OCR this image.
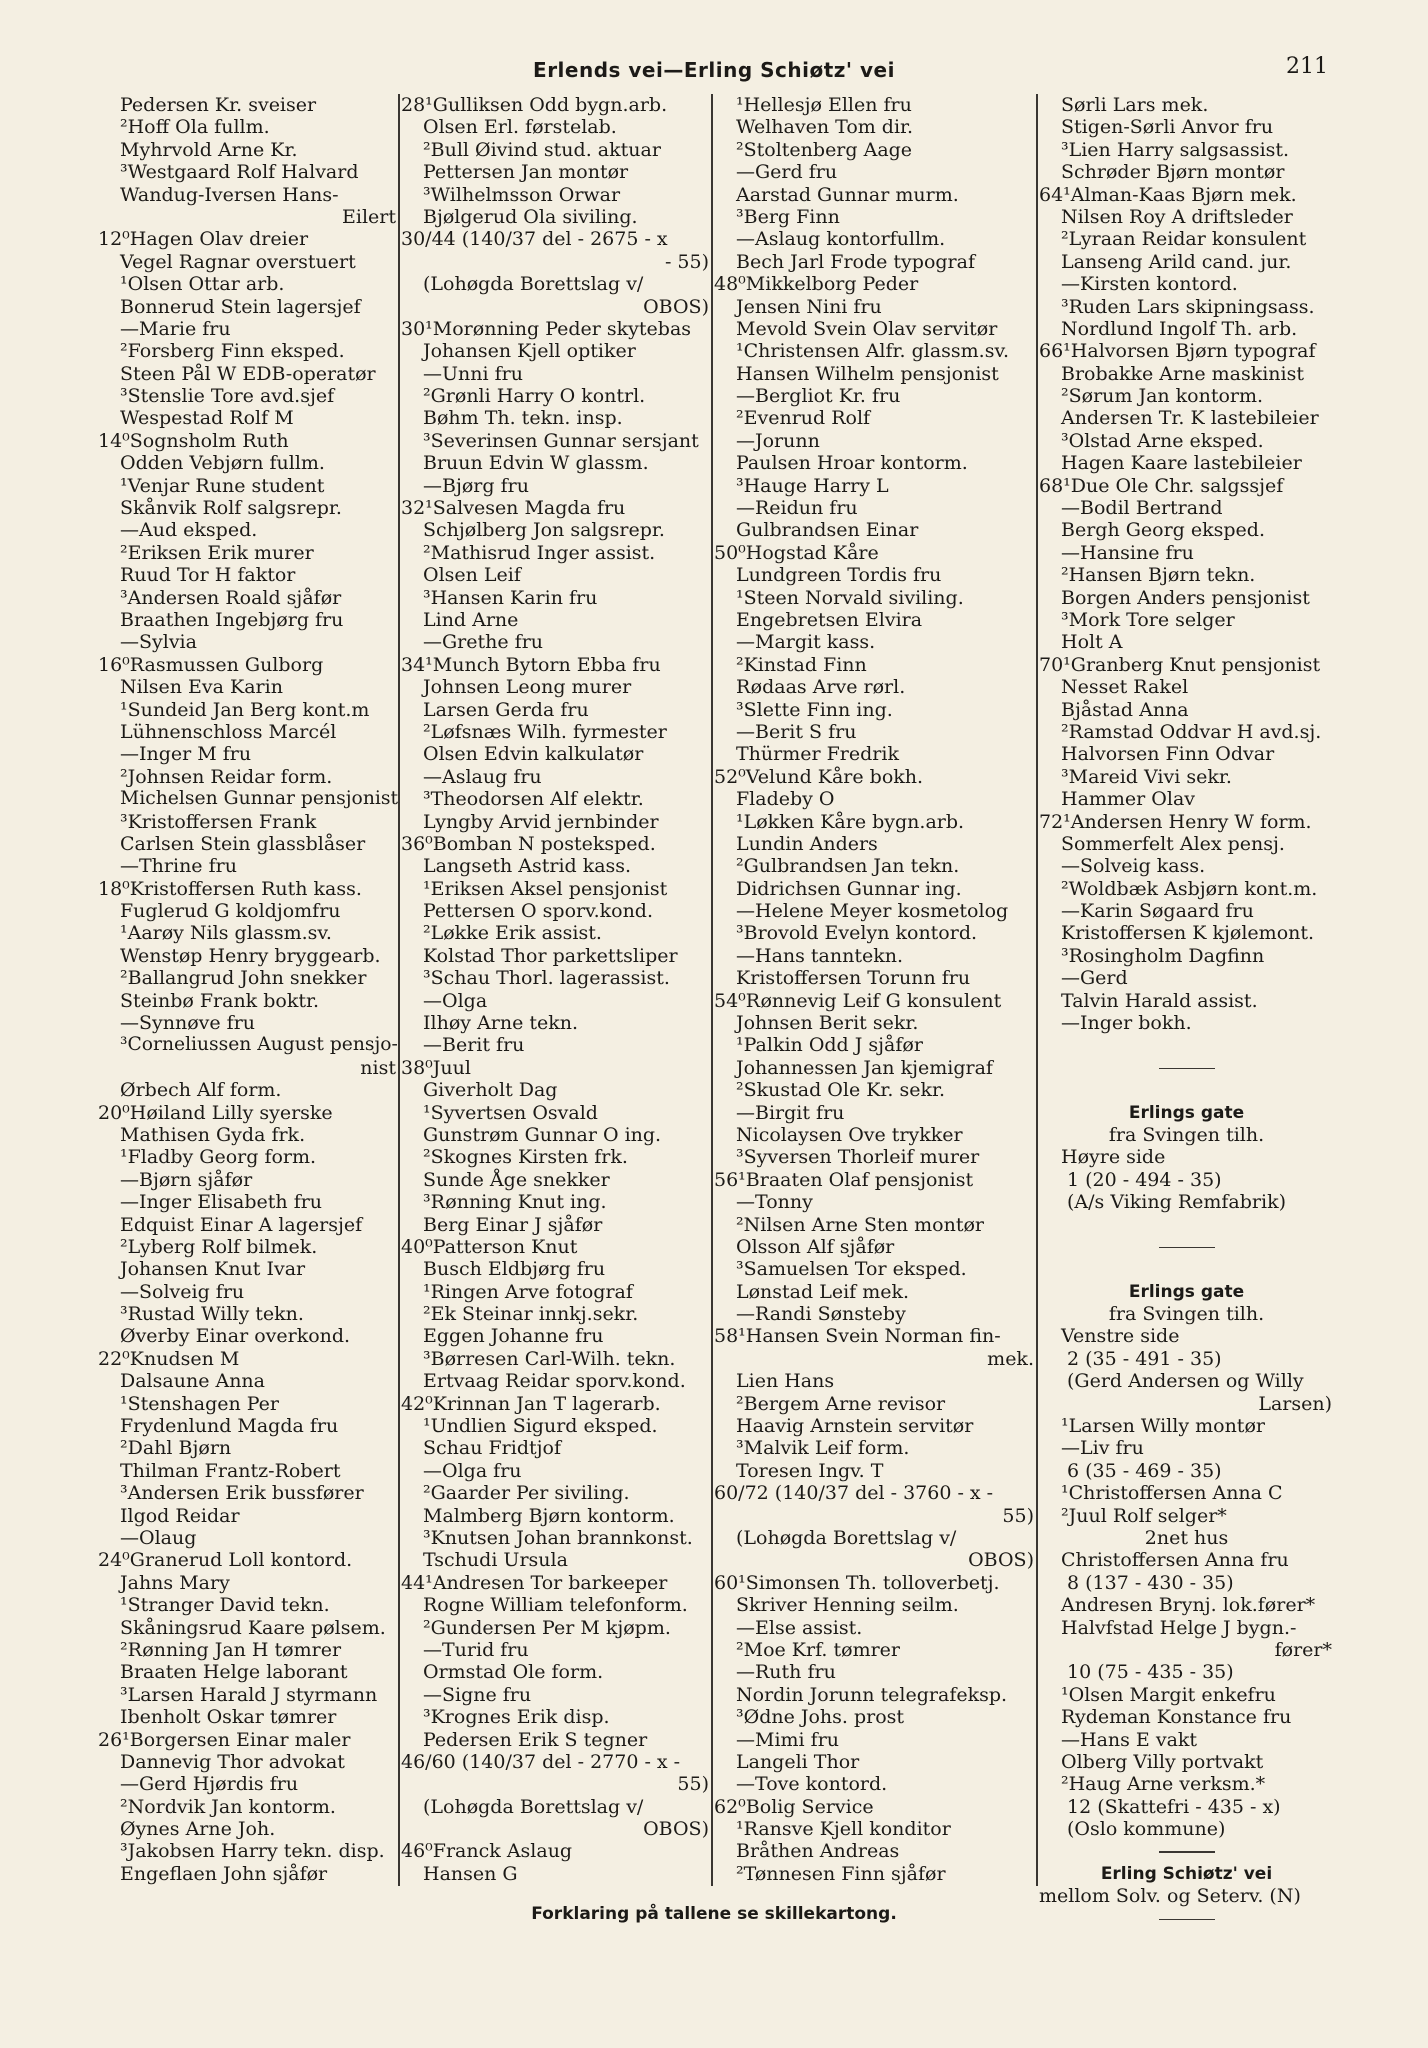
Erlends vei—Erling Schiøtz' vei	211
Pedersen Kr. sveiser
²Hoff Ola fullm.
Myhrvold Arne Kr.
³Westgaard Rolf Halvard
Wandug-Iversen Hans-
Eilert
12⁰Hagen Olav dreier
Vegel Ragnar overstuert
¹Olsen Ottar arb.
Bonnerud Stein lagersjef
—Marie fru
²Forsberg Finn eksped.
Steen Pål W EDB-operatør
³Stenslie Tore avd.sjef
Wespestad Rolf M
14⁰Sognsholm Ruth
Odden Vebjørn fullm.
¹Venjar Rune student
Skånvik Rolf salgsrepr.
—Aud eksped.
²Eriksen Erik murer
Ruud Tor H faktor
³Andersen Roald sjåfør
Braathen Ingebjørg fru
—Sylvia
16⁰Rasmussen Gulborg
Nilsen Eva Karin
¹Sundeid Jan Berg kont.m
Lühnenschloss Marcél
—Inger M fru
²Johnsen Reidar form.
Michelsen Gunnar pensjonist
³Kristoffersen Frank
Carlsen Stein glassblåser
—Thrine fru
18⁰Kristoffersen Ruth kass.
Fuglerud G koldjomfru
¹Aarøy Nils glassm.sv.
Wenstøp Henry bryggearb.
²Ballangrud John snekker
Steinbø Frank boktr.
—Synnøve fru
³Corneliussen August pensjo-
nist
Ørbech Alf form.
20⁰Høiland Lilly syerske
Mathisen Gyda frk.
¹Fladby Georg form.
—Bjørn sjåfør
—Inger Elisabeth fru
Edquist Einar A lagersjef
²Lyberg Rolf bilmek.
Johansen Knut Ivar
—Solveig fru
³Rustad Willy tekn.
Øverby Einar overkond.
22⁰Knudsen M
Dalsaune Anna
¹Stenshagen Per
Frydenlund Magda fru
²Dahl Bjørn
Thilman Frantz-Robert
³Andersen Erik bussfører
Ilgod Reidar
—Olaug
24⁰Granerud Loll kontord.
Jahns Mary
¹Stranger David tekn.
Skåningsrud Kaare pølsem.
²Rønning Jan H tømrer
Braaten Helge laborant
³Larsen Harald J styrmann
Ibenholt Oskar tømrer
26¹Borgersen Einar maler
Dannevig Thor advokat
—Gerd Hjørdis fru
²Nordvik Jan kontorm.
Øynes Arne Joh.
³Jakobsen Harry tekn. disp.
Engeflaen John sjåfør
28¹Gulliksen Odd bygn.arb.
Olsen Erl. førstelab.
²Bull Øivind stud. aktuar
Pettersen Jan montør
³Wilhelmsson Orwar
Bjølgerud Ola siviling.
30/44 (140/37 del - 2675 - x
- 55)
(Lohøgda Borettslag v/
OBOS)
30¹Morønning Peder skytebas
Johansen Kjell optiker
—Unni fru
²Grønli Harry O kontrl.
Bøhm Th. tekn. insp.
³Severinsen Gunnar sersjant
Bruun Edvin W glassm.
—Bjørg fru
32¹Salvesen Magda fru
Schjølberg Jon salgsrepr.
²Mathisrud Inger assist.
Olsen Leif
³Hansen Karin fru
Lind Arne
—Grethe fru
34¹Munch Bytorn Ebba fru
Johnsen Leong murer
Larsen Gerda fru
²Løfsnæs Wilh. fyrmester
Olsen Edvin kalkulatør
—Aslaug fru
³Theodorsen Alf elektr.
Lyngby Arvid jernbinder
36⁰Bomban N posteksped.
Langseth Astrid kass.
¹Eriksen Aksel pensjonist
Pettersen O sporv.kond.
²Løkke Erik assist.
Kolstad Thor parkettsliper
³Schau Thorl. lagerassist.
—Olga
Ilhøy Arne tekn.
—Berit fru
38⁰Juul
Giverholt Dag
¹Syvertsen Osvald
Gunstrøm Gunnar O ing.
²Skognes Kirsten frk.
Sunde Åge snekker
³Rønning Knut ing.
Berg Einar J sjåfør
40⁰Patterson Knut
Busch Eldbjørg fru
¹Ringen Arve fotograf
²Ek Steinar innkj.sekr.
Eggen Johanne fru
³Børresen Carl-Wilh. tekn.
Ertvaag Reidar sporv.kond.
42⁰Krinnan Jan T lagerarb.
¹Undlien Sigurd eksped.
Schau Fridtjof
—Olga fru
²Gaarder Per siviling.
Malmberg Bjørn kontorm.
³Knutsen Johan brannkonst.
Tschudi Ursula
44¹Andresen Tor barkeeper
Rogne William telefonform.
²Gundersen Per M kjøpm.
—Turid fru
Ormstad Ole form.
—Signe fru
³Krognes Erik disp.
Pedersen Erik S tegner
46/60 (140/37 del - 2770 - x -
55)
(Lohøgda Borettslag v/
OBOS)
46⁰Franck Aslaug
Hansen G
¹Hellesjø Ellen fru
Welhaven Tom dir.
²Stoltenberg Aage
—Gerd fru
Aarstad Gunnar murm.
³Berg Finn
—Aslaug kontorfullm.
Bech Jarl Frode typograf
48⁰Mikkelborg Peder
Jensen Nini fru
Mevold Svein Olav servitør
¹Christensen Alfr. glassm.sv.
Hansen Wilhelm pensjonist
—Bergliot Kr. fru
²Evenrud Rolf
—Jorunn
Paulsen Hroar kontorm.
³Hauge Harry L
—Reidun fru
Gulbrandsen Einar
50⁰Hogstad Kåre
Lundgreen Tordis fru
¹Steen Norvald siviling.
Engebretsen Elvira
—Margit kass.
²Kinstad Finn
Rødaas Arve rørl.
³Slette Finn ing.
—Berit S fru
Thürmer Fredrik
52⁰Velund Kåre bokh.
Fladeby O
¹Løkken Kåre bygn.arb.
Lundin Anders
²Gulbrandsen Jan tekn.
Didrichsen Gunnar ing.
—Helene Meyer kosmetolog
³Brovold Evelyn kontord.
—Hans tanntekn.
Kristoffersen Torunn fru
54⁰Rønnevig Leif G konsulent
Johnsen Berit sekr.
¹Palkin Odd J sjåfør
Johannessen Jan kjemigraf
²Skustad Ole Kr. sekr.
—Birgit fru
Nicolaysen Ove trykker
³Syversen Thorleif murer
56¹Braaten Olaf pensjonist
—Tonny
²Nilsen Arne Sten montør
Olsson Alf sjåfør
³Samuelsen Tor eksped.
Lønstad Leif mek.
—Randi Sønsteby
58¹Hansen Svein Norman fin-
mek.
Lien Hans
²Bergem Arne revisor
Haavig Arnstein servitør
³Malvik Leif form.
Toresen Ingv. T
60/72 (140/37 del - 3760 - x -
55)
(Lohøgda Borettslag v/
OBOS)
60¹Simonsen Th. tolloverbetj.
Skriver Henning seilm.
—Else assist.
²Moe Krf. tømrer
—Ruth fru
Nordin Jorunn telegrafeksp.
³Ødne Johs. prost
—Mimi fru
Langeli Thor
—Tove kontord.
62⁰Bolig Service
¹Ransve Kjell konditor
Bråthen Andreas
²Tønnesen Finn sjåfør
Sørli Lars mek.
Stigen-Sørli Anvor fru
³Lien Harry salgsassist.
Schrøder Bjørn montør
64¹Alman-Kaas Bjørn mek.
Nilsen Roy A driftsleder
²Lyraan Reidar konsulent
Lanseng Arild cand. jur.
—Kirsten kontord.
³Ruden Lars skipningsass.
Nordlund Ingolf Th. arb.
66¹Halvorsen Bjørn typograf
Brobakke Arne maskinist
²Sørum Jan kontorm.
Andersen Tr. K lastebileier
³Olstad Arne eksped.
Hagen Kaare lastebileier
68¹Due Ole Chr. salgssjef
—Bodil Bertrand
Bergh Georg eksped.
—Hansine fru
²Hansen Bjørn tekn.
Borgen Anders pensjonist
³Mork Tore selger
Holt A
70¹Granberg Knut pensjonist
Nesset Rakel
Bjåstad Anna
²Ramstad Oddvar H avd.sj.
Halvorsen Finn Odvar
³Mareid Vivi sekr.
Hammer Olav
72¹Andersen Henry W form.
Sommerfelt Alex pensj.
—Solveig kass.
²Woldbæk Asbjørn kont.m.
—Karin Søgaard fru
Kristoffersen K kjølemont.
³Rosingholm Dagfinn
—Gerd
Talvin Harald assist.
—Inger bokh.
Erlings gate
fra Svingen tilh.
Høyre side
1 (20 - 494 - 35)
(A/s Viking Remfabrik)
Erlings gate
fra Svingen tilh.
Venstre side
2 (35 - 491 - 35)
(Gerd Andersen og Willy
Larsen)
¹Larsen Willy montør
—Liv fru
6 (35 - 469 - 35)
¹Christoffersen Anna C
²Juul Rolf selger*
2net hus
Christoffersen Anna fru
8 (137 - 430 - 35)
Andresen Brynj. lok.fører*
Halvfstad Helge J bygn.-
fører*
10 (75 - 435 - 35)
¹Olsen Margit enkefru
Rydeman Konstance fru
—Hans E vakt
Olberg Villy portvakt
²Haug Arne verksm.*
12 (Skattefri - 435 - x)
(Oslo kommune)
Erling Schiøtz' vei
mellom Solv. og Seterv. (N)
Forklaring på tallene se skillekartong.
